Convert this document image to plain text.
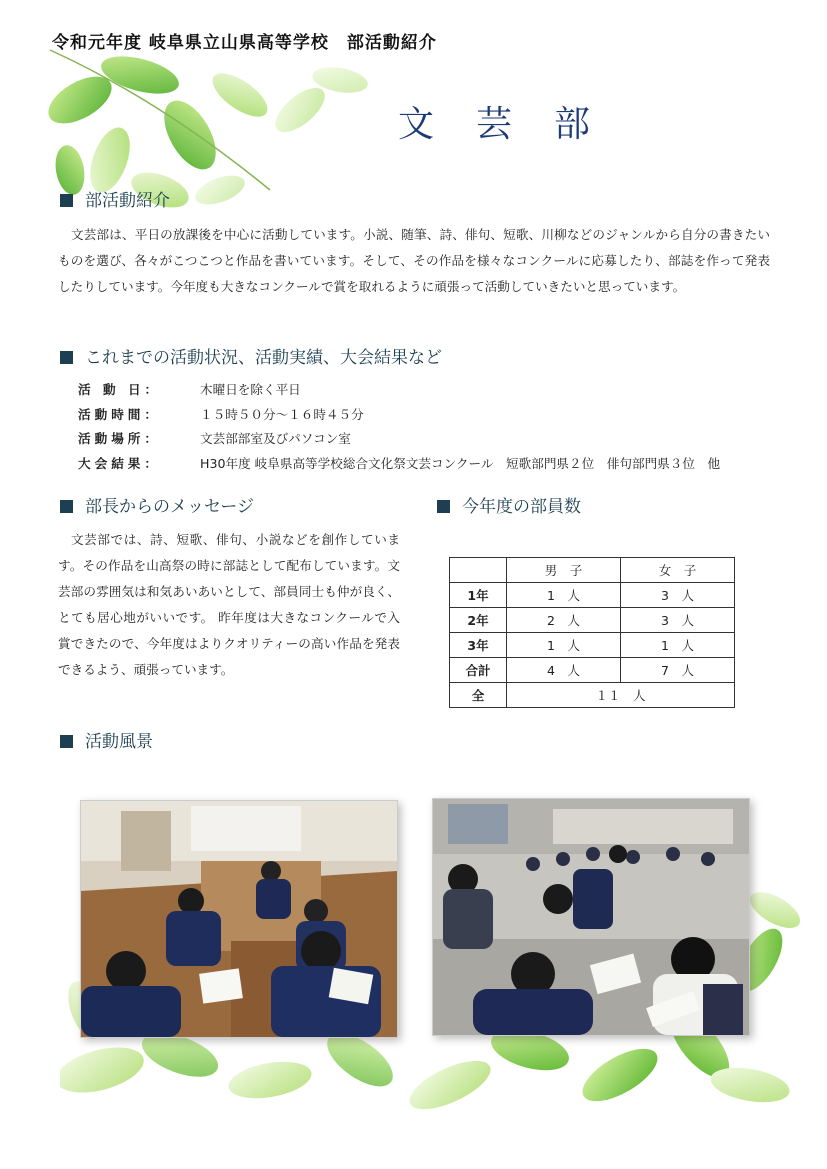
令和元年度 岐阜県立山県高等学校　部活動紹介
文芸部
部活動紹介
文芸部は、平日の放課後を中心に活動しています。小説、随筆、詩、俳句、短歌、川柳などのジャンルから自分の書きたいものを選び、各々がこつこつと作品を書いています。そして、その作品を様々なコンクールに応募したり、部誌を作って発表したりしています。今年度も大きなコンクールで賞を取れるように頑張って活動していきたいと思っています。
これまでの活動状況、活動実績、大会結果など
活 動 日：	木曜日を除く平日
活動時間：	１５時５０分～１６時４５分
活動場所：	文芸部部室及びパソコン室
大会結果：	H30年度 岐阜県高等学校総合文化祭文芸コンクール　短歌部門県２位　俳句部門県３位　他
部長からのメッセージ
文芸部では、詩、短歌、俳句、小説などを創作しています。その作品を山高祭の時に部誌として配布しています。文芸部の雰囲気は和気あいあいとして、部員同士も仲が良く、とても居心地がいいです。 昨年度は大きなコンクールで入賞できたので、今年度はよりクオリティーの高い作品を発表できるよう、頑張っています。
今年度の部員数
	男　子	女　子
1年	1　人	3　人
2年	2　人	3　人
3年	1　人	1　人
合計	4　人	7　人
全	１１　人	
活動風景
